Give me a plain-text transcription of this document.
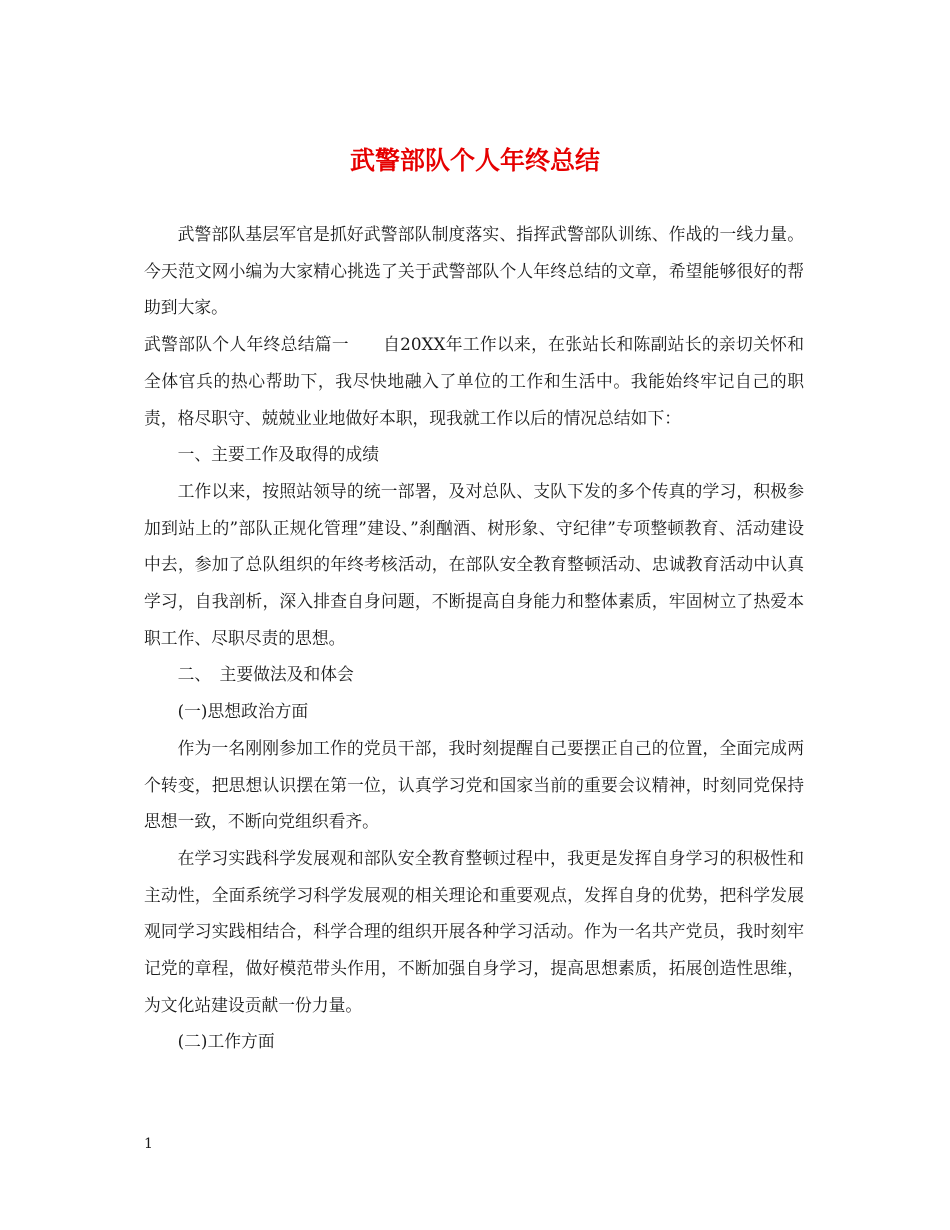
武警部队个人年终总结

武警部队基层军官是抓好武警部队制度落实、指挥武警部队训练、作战的一线力量。今天范文网小编为大家精心挑选了关于武警部队个人年终总结的文章，希望能够很好的帮助到大家。

武警部队个人年终总结篇一　　自20XX年工作以来，在张站长和陈副站长的亲切关怀和全体官兵的热心帮助下，我尽快地融入了单位的工作和生活中。我能始终牢记自己的职责，格尽职守、兢兢业业地做好本职，现我就工作以后的情况总结如下：

一、主要工作及取得的成绩

工作以来，按照站领导的统一部署，及对总队、支队下发的多个传真的学习，积极参加到站上的”部队正规化管理”建设、”刹酗酒、树形象、守纪律”专项整顿教育、活动建设中去，参加了总队组织的年终考核活动，在部队安全教育整顿活动、忠诚教育活动中认真学习，自我剖析，深入排查自身问题，不断提高自身能力和整体素质，牢固树立了热爱本职工作、尽职尽责的思想。

二、　主要做法及和体会

(一)思想政治方面

作为一名刚刚参加工作的党员干部，我时刻提醒自己要摆正自己的位置，全面完成两个转变，把思想认识摆在第一位，认真学习党和国家当前的重要会议精神，时刻同党保持思想一致，不断向党组织看齐。

在学习实践科学发展观和部队安全教育整顿过程中，我更是发挥自身学习的积极性和主动性，全面系统学习科学发展观的相关理论和重要观点，发挥自身的优势，把科学发展观同学习实践相结合，科学合理的组织开展各种学习活动。作为一名共产党员，我时刻牢记党的章程，做好模范带头作用，不断加强自身学习，提高思想素质，拓展创造性思维，为文化站建设贡献一份力量。

(二)工作方面

1
